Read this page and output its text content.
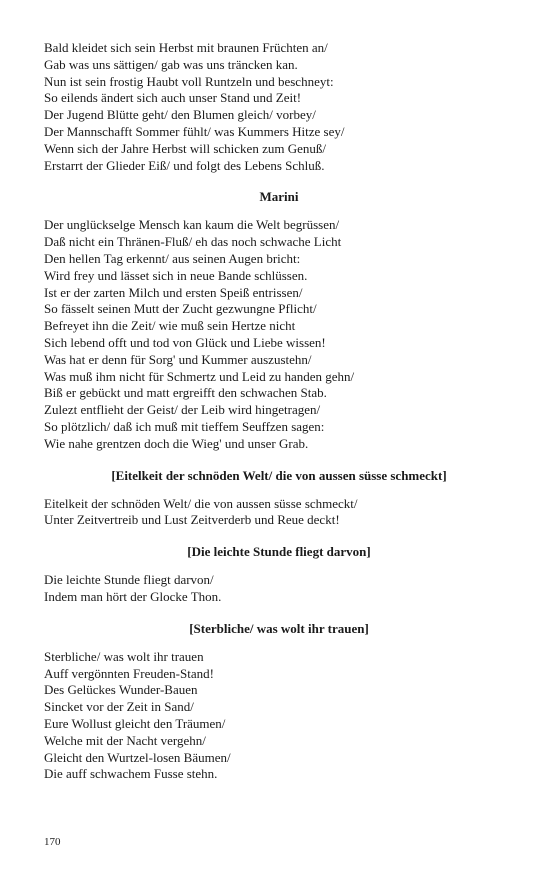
Bald kleidet sich sein Herbst mit braunen Früchten an/
Gab was uns sättigen/ gab was uns träncken kan.
Nun ist sein frostig Haubt voll Runtzeln und beschneyt:
So eilends ändert sich auch unser Stand und Zeit!
Der Jugend Blütte geht/ den Blumen gleich/ vorbey/
Der Mannschafft Sommer fühlt/ was Kummers Hitze sey/
Wenn sich der Jahre Herbst will schicken zum Genuß/
Erstarrt der Glieder Eiß/ und folgt des Lebens Schluß.
Marini
Der unglückselge Mensch kan kaum die Welt begrüssen/
Daß nicht ein Thränen-Fluß/ eh das noch schwache Licht
Den hellen Tag erkennt/ aus seinen Augen bricht:
Wird frey und lässet sich in neue Bande schlüssen.
Ist er der zarten Milch und ersten Speiß entrissen/
So fässelt seinen Mutt der Zucht gezwungne Pflicht/
Befreyet ihn die Zeit/ wie muß sein Hertze nicht
Sich lebend offt und tod von Glück und Liebe wissen!
Was hat er denn für Sorg' und Kummer auszustehn/
Was muß ihm nicht für Schmertz und Leid zu handen gehn/
Biß er gebückt und matt ergreifft den schwachen Stab.
Zulezt entflieht der Geist/ der Leib wird hingetragen/
So plötzlich/ daß ich muß mit tieffem Seuffzen sagen:
Wie nahe grentzen doch die Wieg' und unser Grab.
[Eitelkeit der schnöden Welt/ die von aussen süsse schmeckt]
Eitelkeit der schnöden Welt/ die von aussen süsse schmeckt/
Unter Zeitvertreib und Lust Zeitverderb und Reue deckt!
[Die leichte Stunde fliegt darvon]
Die leichte Stunde fliegt darvon/
Indem man hört der Glocke Thon.
[Sterbliche/ was wolt ihr trauen]
Sterbliche/ was wolt ihr trauen
Auff vergönnten Freuden-Stand!
Des Gelückes Wunder-Bauen
Sincket vor der Zeit in Sand/
Eure Wollust gleicht den Träumen/
Welche mit der Nacht vergehn/
Gleicht den Wurtzel-losen Bäumen/
Die auff schwachem Fusse stehn.
170
